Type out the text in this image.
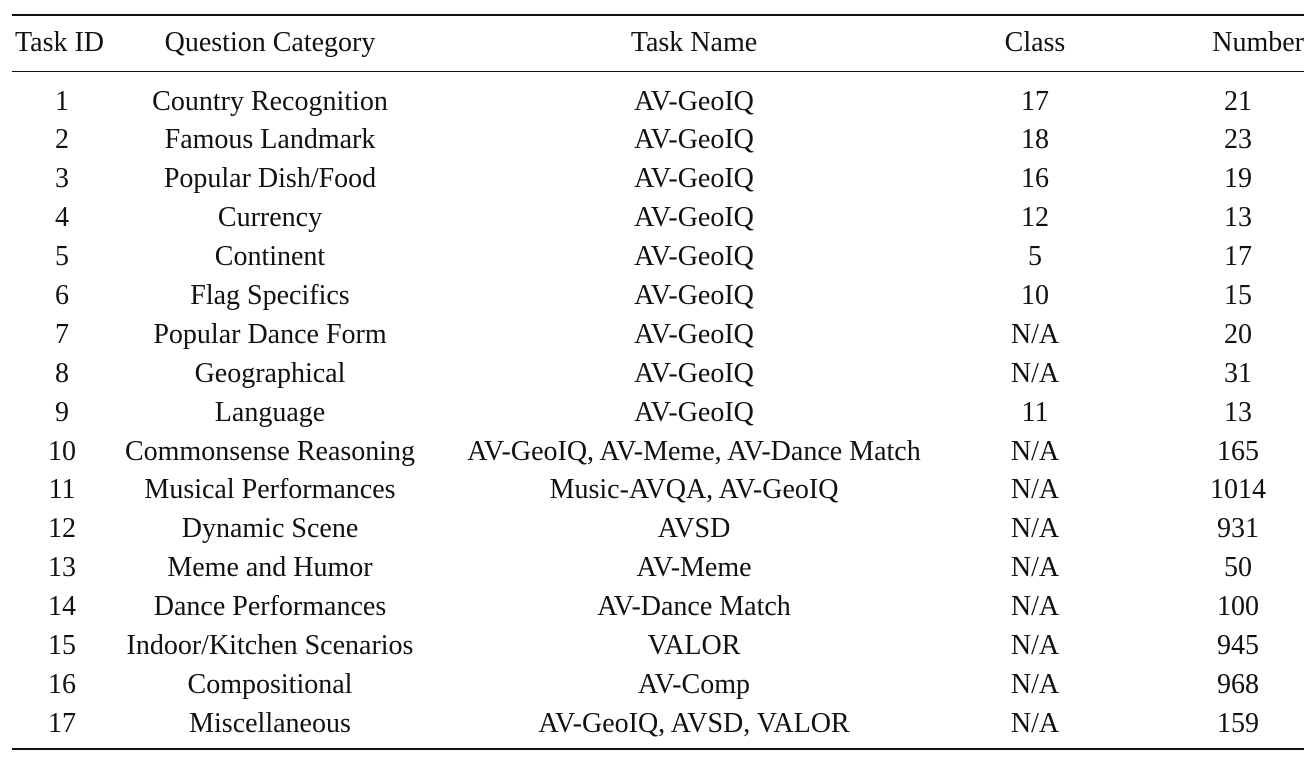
Task ID	Question Category	Task Name	Class	Number
1	Country Recognition	AV-GeoIQ	17	21
2	Famous Landmark	AV-GeoIQ	18	23
3	Popular Dish/Food	AV-GeoIQ	16	19
4	Currency	AV-GeoIQ	12	13
5	Continent	AV-GeoIQ	5	17
6	Flag Specifics	AV-GeoIQ	10	15
7	Popular Dance Form	AV-GeoIQ	N/A	20
8	Geographical	AV-GeoIQ	N/A	31
9	Language	AV-GeoIQ	11	13
10	Commonsense Reasoning	AV-GeoIQ, AV-Meme, AV-Dance Match	N/A	165
11	Musical Performances	Music-AVQA, AV-GeoIQ	N/A	1014
12	Dynamic Scene	AVSD	N/A	931
13	Meme and Humor	AV-Meme	N/A	50
14	Dance Performances	AV-Dance Match	N/A	100
15	Indoor/Kitchen Scenarios	VALOR	N/A	945
16	Compositional	AV-Comp	N/A	968
17	Miscellaneous	AV-GeoIQ, AVSD, VALOR	N/A	159
